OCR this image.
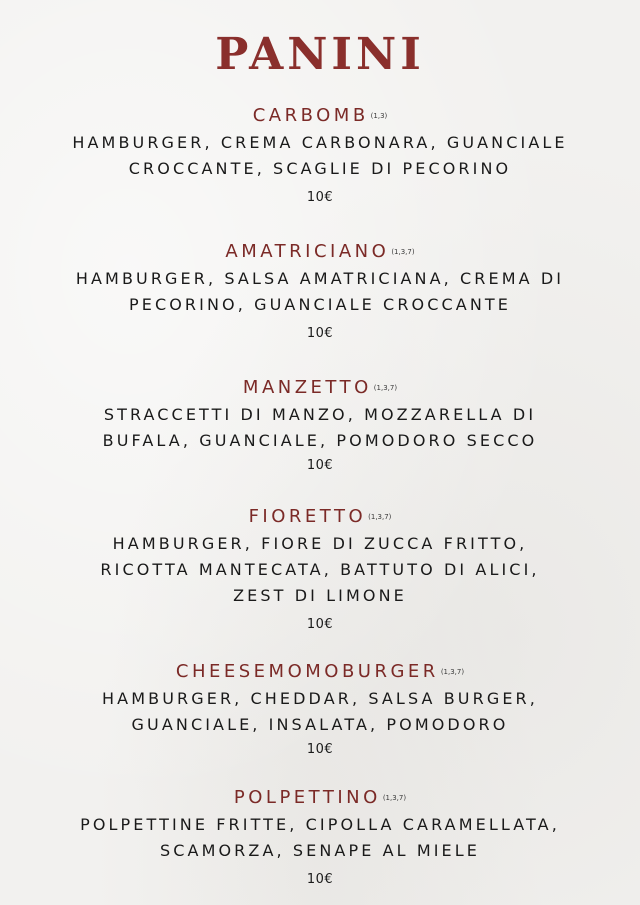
PANINI
CARBOMB (1,3)
HAMBURGER, CREMA CARBONARA, GUANCIALE
CROCCANTE, SCAGLIE DI PECORINO
10€
AMATRICIANO (1,3,7)
HAMBURGER, SALSA AMATRICIANA, CREMA DI
PECORINO, GUANCIALE CROCCANTE
10€
MANZETTO (1,3,7)
STRACCETTI DI MANZO, MOZZARELLA DI
BUFALA, GUANCIALE, POMODORO SECCO
10€
FIORETTO (1,3,7)
HAMBURGER, FIORE DI ZUCCA FRITTO,
RICOTTA MANTECATA, BATTUTO DI ALICI,
ZEST DI LIMONE
10€
CHEESEMOMOBURGER (1,3,7)
HAMBURGER, CHEDDAR, SALSA BURGER,
GUANCIALE, INSALATA, POMODORO
10€
POLPETTINO (1,3,7)
POLPETTINE FRITTE, CIPOLLA CARAMELLATA,
SCAMORZA, SENAPE AL MIELE
10€
